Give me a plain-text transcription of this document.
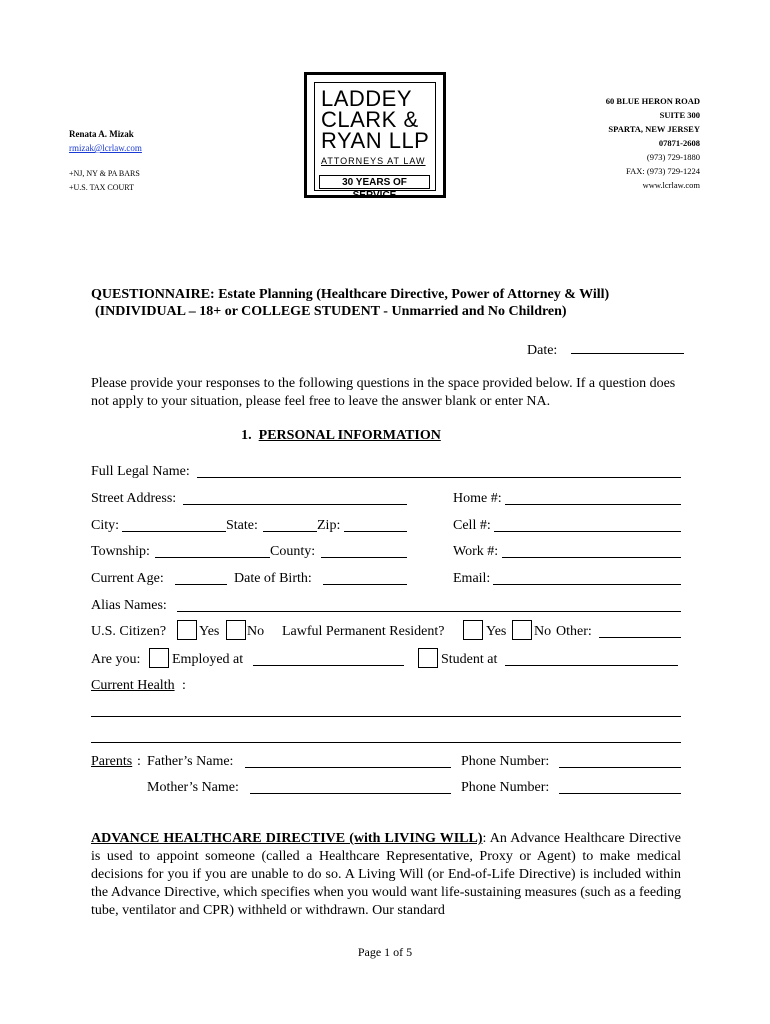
Renata A. Mizak
rmizak@lcrlaw.com
+NJ, NY & PA BARS
+U.S. TAX COURT
LADDEY
CLARK &
RYAN LLP
ATTORNEYS AT LAW
30 YEARS OF SERVICE
60 BLUE HERON ROAD
SUITE 300
SPARTA, NEW JERSEY
07871-2608
(973) 729-1880
FAX: (973) 729-1224
www.lcrlaw.com
QUESTIONNAIRE: Estate Planning (Healthcare Directive, Power of Attorney & Will)
(INDIVIDUAL – 18+ or COLLEGE STUDENT - Unmarried and No Children)
Date:
Please provide your responses to the following questions in the space provided below. If a question does not apply to your situation, please feel free to leave the answer blank or enter NA.
1. PERSONAL INFORMATION
Full Legal Name:
Street Address:	Home #:
City:	State:	Zip:	Cell #:
Township:	County:	Work #:
Current Age:	Date of Birth:	Email:
Alias Names:
U.S. Citizen? Yes No Lawful Permanent Resident?	Yes No Other:
Are you: Employed at	Student at
Current Health :
Parents : Father’s Name:	Phone Number:
Mother’s Name:	Phone Number:
ADVANCE HEALTHCARE DIRECTIVE (with LIVING WILL): An Advance Healthcare Directive is used to appoint someone (called a Healthcare Representative, Proxy or Agent) to make medical decisions for you if you are unable to do so. A Living Will (or End-of-Life Directive) is included within the Advance Directive, which specifies when you would want life-sustaining measures (such as a feeding tube, ventilator and CPR) withheld or withdrawn. Our standard
Page 1 of 5
